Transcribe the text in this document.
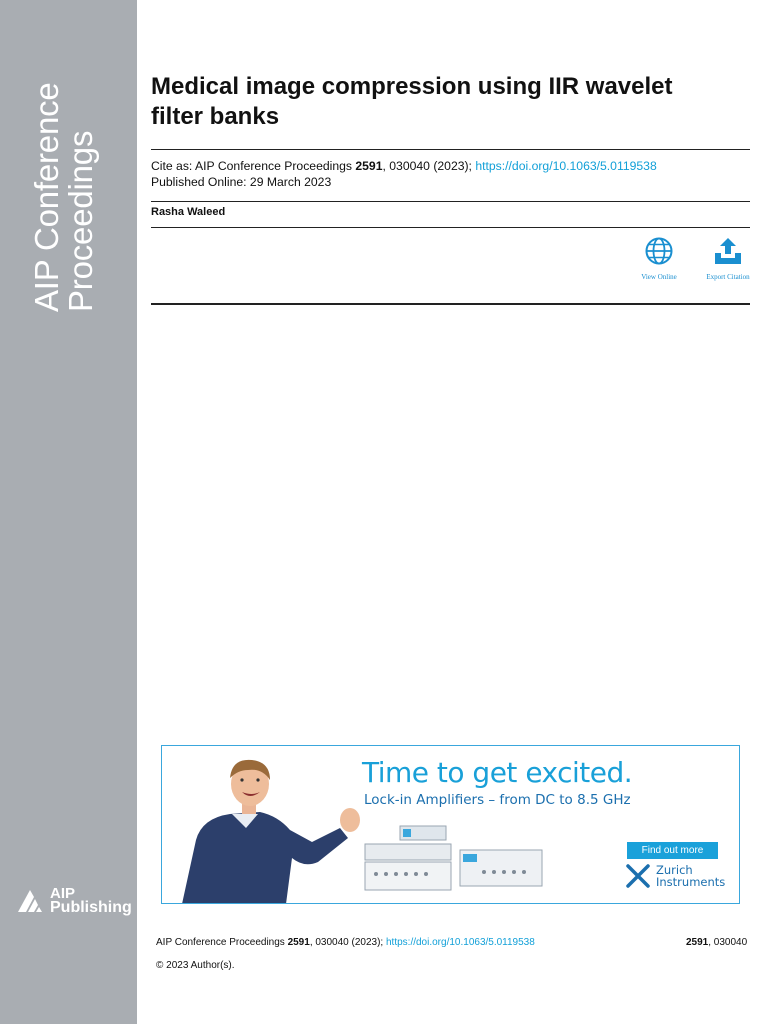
AIP Conference
Proceedings
AIP
Publishing
Medical image compression using IIR wavelet filter banks
Cite as: AIP Conference Proceedings 2591, 030040 (2023); https://doi.org/10.1063/5.0119538
Published Online: 29 March 2023
Rasha Waleed
View Online	Export Citation
Time to get excited.
Lock-in Amplifiers – from DC to 8.5 GHz
Find out more
Zurich
Instruments
AIP Conference Proceedings 2591, 030040 (2023); https://doi.org/10.1063/5.0119538	2591, 030040
© 2023 Author(s).
